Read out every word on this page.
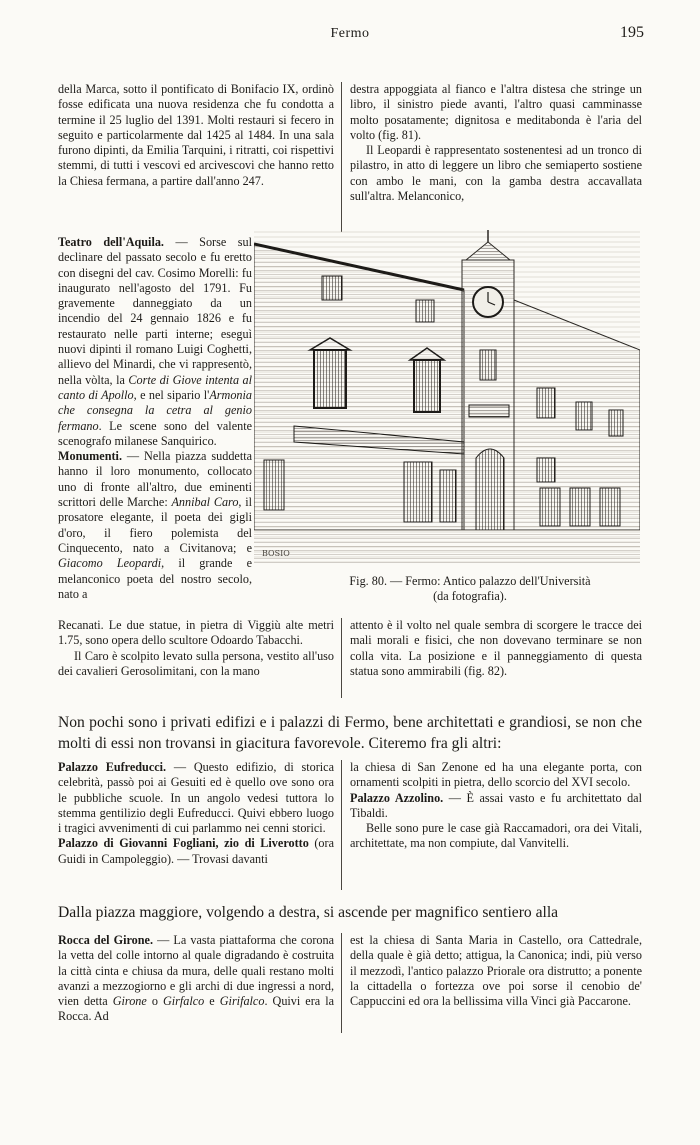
Fermo	195

della Marca, sotto il pontificato di Bonifacio IX, ordinò fosse edificata una nuova residenza che fu condotta a termine il 25 luglio del 1391. Molti restauri si fecero in seguito e particolarmente dal 1425 al 1484. In una sala furono dipinti, da Emilia Tarquini, i ritratti, coi rispettivi stemmi, di tutti i vescovi ed arcivescovi che hanno retto la Chiesa fermana, a partire dall'anno 247.

destra appoggiata al fianco e l'altra distesa che stringe un libro, il sinistro piede avanti, l'altro quasi camminasse molto posatamente; dignitosa e meditabonda è l'aria del volto (fig. 81).

Il Leopardi è rappresentato sostenentesi ad un tronco di pilastro, in atto di leggere un libro che semiaperto sostiene con ambo le mani, con la gamba destra accavallata sull'altra. Melanconico,

Teatro dell'Aquila. — Sorse sul declinare del passato secolo e fu eretto con disegni del cav. Cosimo Morelli: fu inaugurato nell'agosto del 1791. Fu gravemente danneggiato da un incendio del 24 gennaio 1826 e fu restaurato nelle parti interne; eseguì nuovi dipinti il romano Luigi Coghetti, allievo del Minardi, che vi rappresentò, nella vòlta, la Corte di Giove intenta al canto di Apollo, e nel sipario l'Armonia che consegna la cetra al genio fermano. Le scene sono del valente scenografo milanese Sanquirico.

Monumenti. — Nella piazza suddetta hanno il loro monumento, collocato uno di fronte all'altro, due eminenti scrittori delle Marche: Annibal Caro, il prosatore elegante, il poeta dei gigli d'oro, il fiero polemista del Cinquecento, nato a Civitanova; e Giacomo Leopardi, il grande e melanconico poeta del nostro secolo, nato a

BOSIO
Fig. 80. — Fermo: Antico palazzo dell'Università
(da fotografia).

Recanati. Le due statue, in pietra di Viggiù alte metri 1.75, sono opera dello scultore Odoardo Tabacchi.

Il Caro è scolpito levato sulla persona, vestito all'uso dei cavalieri Gerosolimitani, con la mano

attento è il volto nel quale sembra di scorgere le tracce dei mali morali e fisici, che non dovevano terminare se non colla vita. La posizione e il panneggiamento di questa statua sono ammirabili (fig. 82).

Non pochi sono i privati edifizi e i palazzi di Fermo, bene architettati e grandiosi, se non che molti di essi non trovansi in giacitura favorevole. Citeremo fra gli altri:

Palazzo Eufreducci. — Questo edifizio, di storica celebrità, passò poi ai Gesuiti ed è quello ove sono ora le pubbliche scuole. In un angolo vedesi tuttora lo stemma gentilizio degli Eufreducci. Quivi ebbero luogo i tragici avvenimenti di cui parlammo nei cenni storici.

Palazzo di Giovanni Fogliani, zio di Liverotto (ora Guidi in Campoleggio). — Trovasi davanti

la chiesa di San Zenone ed ha una elegante porta, con ornamenti scolpiti in pietra, dello scorcio del XVI secolo.

Palazzo Azzolino. — È assai vasto e fu architettato dal Tibaldi.

Belle sono pure le case già Raccamadori, ora dei Vitali, architettate, ma non compiute, dal Vanvitelli.

Dalla piazza maggiore, volgendo a destra, si ascende per magnifico sentiero alla

Rocca del Girone. — La vasta piattaforma che corona la vetta del colle intorno al quale digradando è costruita la città cinta e chiusa da mura, delle quali restano molti avanzi a mezzogiorno e gli archi di due ingressi a nord, vien detta Girone o Girfalco e Girifalco. Quivi era la Rocca. Ad

est la chiesa di Santa Maria in Castello, ora Cattedrale, della quale è già detto; attigua, la Canonica; indi, più verso il mezzodì, l'antico palazzo Priorale ora distrutto; a ponente la cittadella o fortezza ove poi sorse il cenobio de' Cappuccini ed ora la bellissima villa Vinci già Paccarone.
